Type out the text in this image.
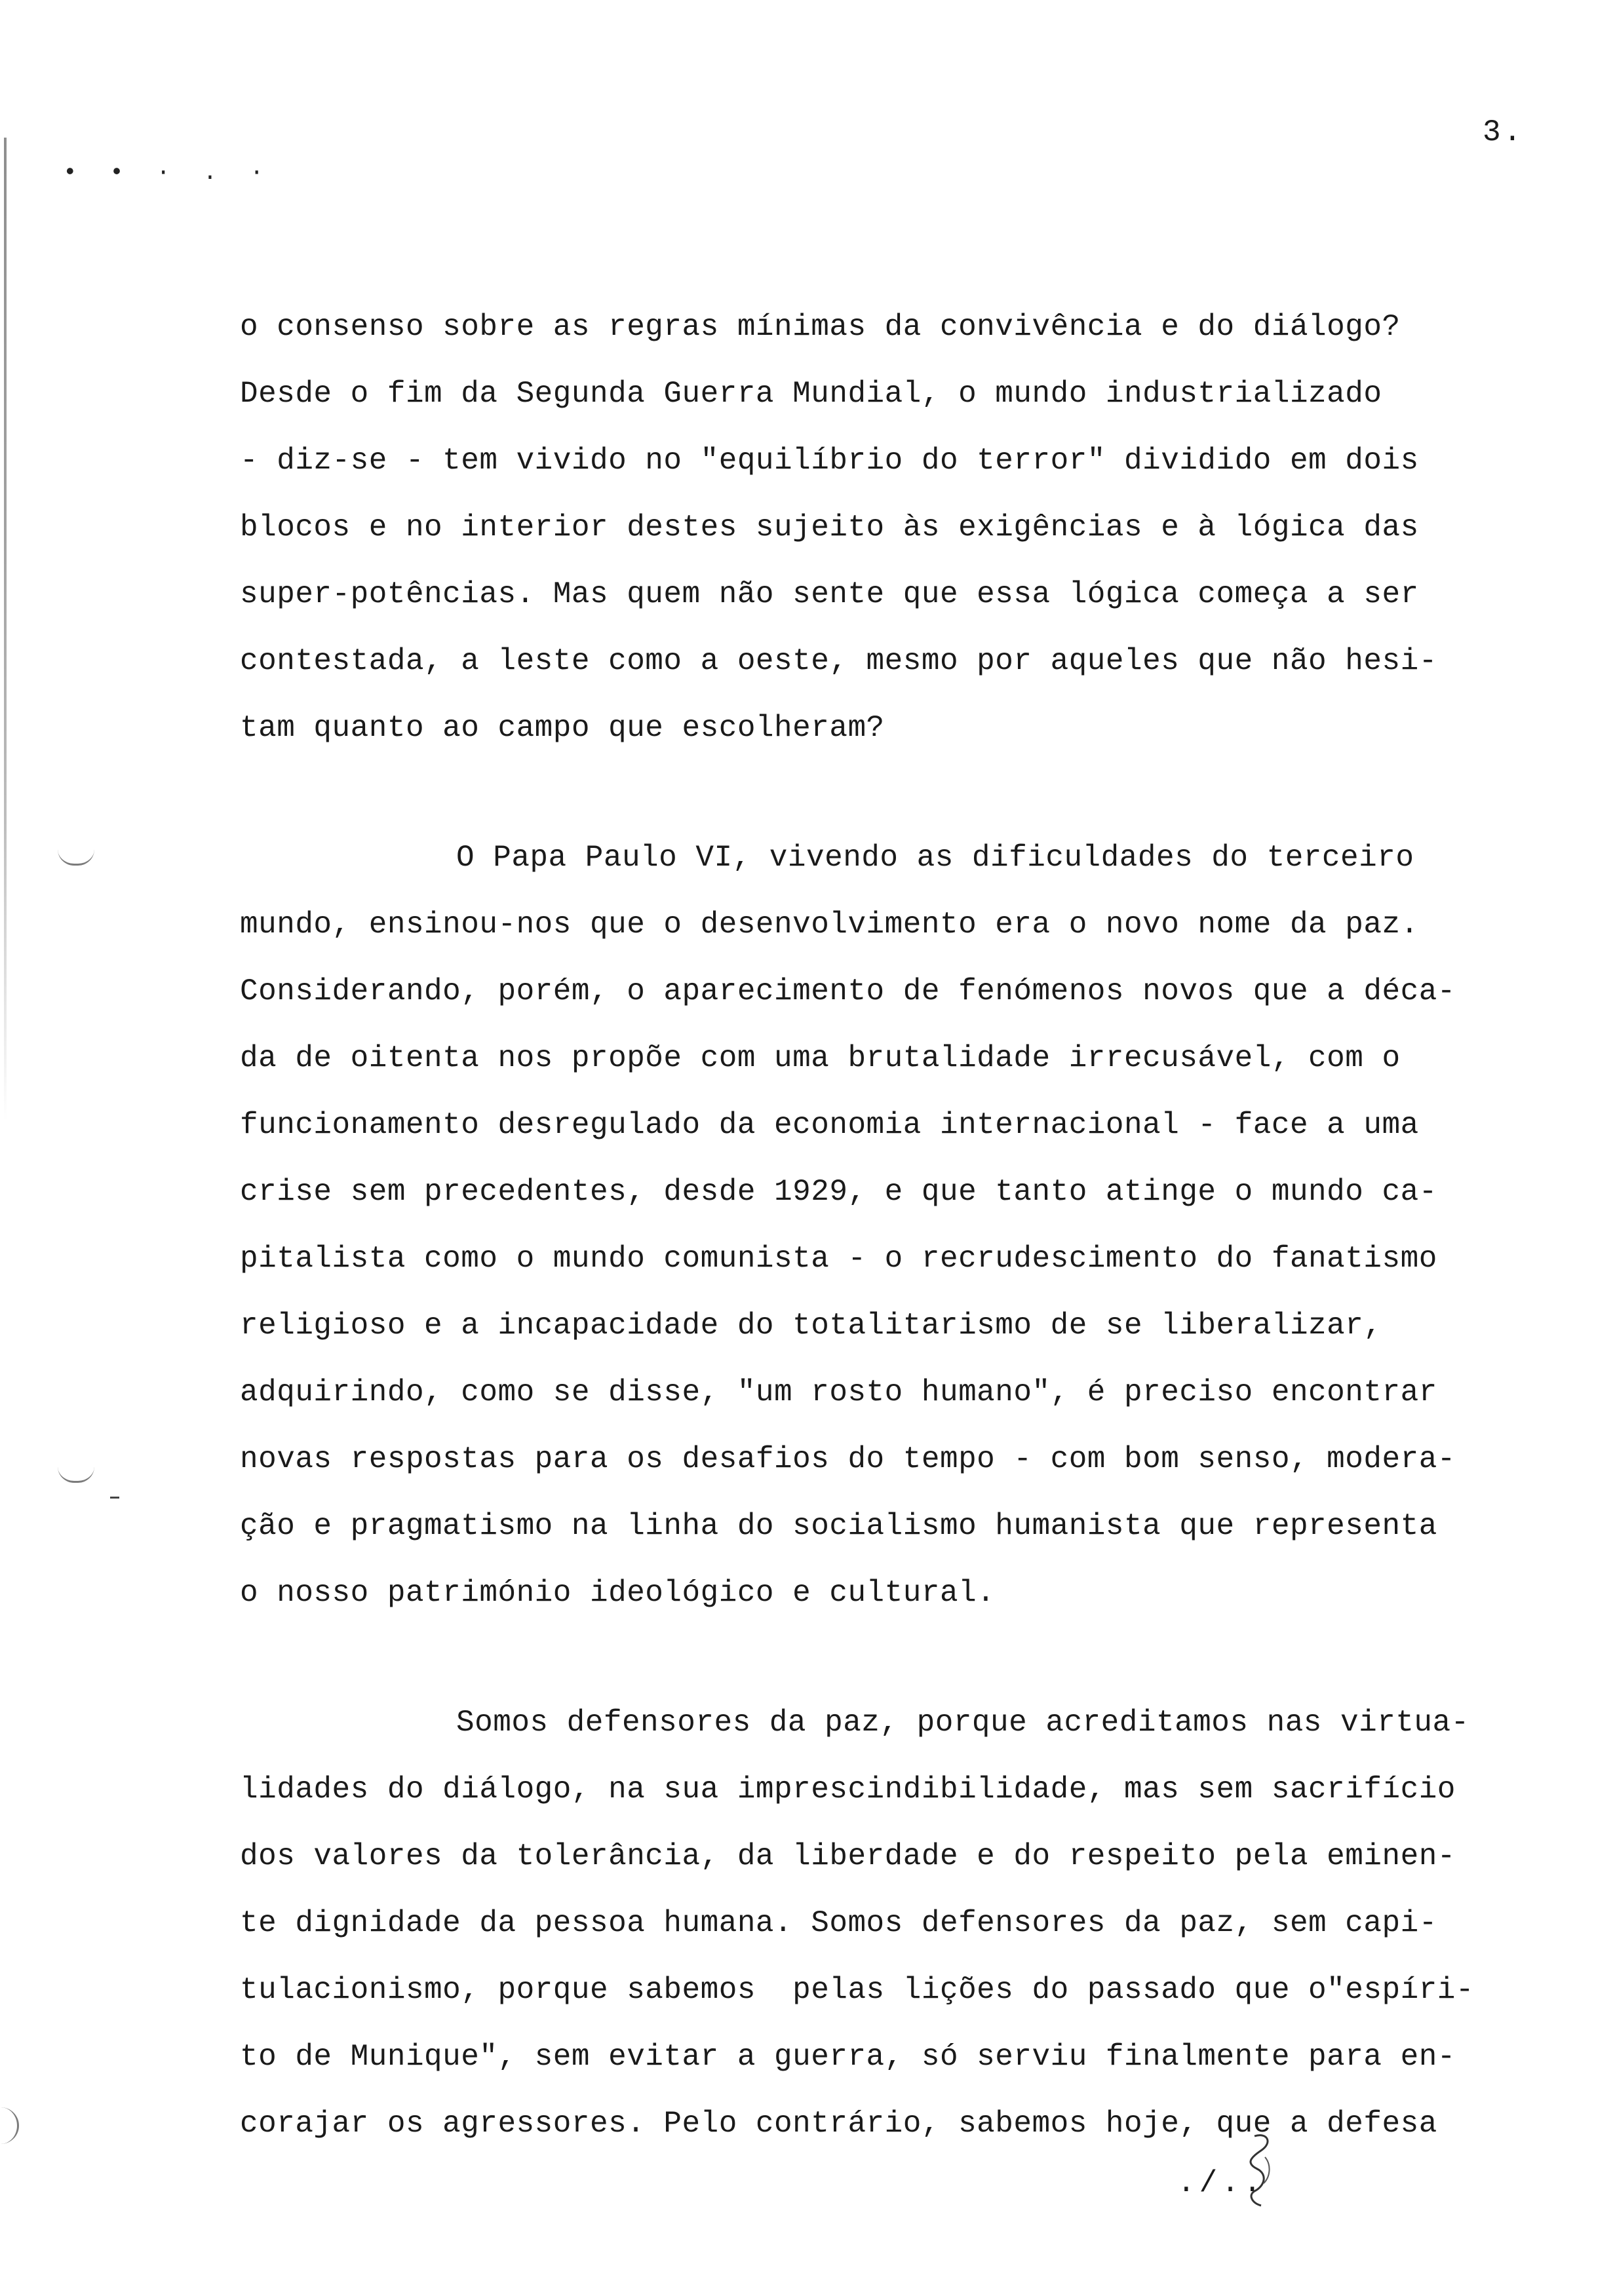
• • · . ·
3.
o consenso sobre as regras mínimas da convivência e do diálogo?
Desde o fim da Segunda Guerra Mundial, o mundo industrializado
- diz-se - tem vivido no "equilíbrio do terror" dividido em dois
blocos e no interior destes sujeito às exigências e à lógica das
super-potências. Mas quem não sente que essa lógica começa a ser
contestada, a leste como a oeste, mesmo por aqueles que não hesi-
tam quanto ao campo que escolheram?
O Papa Paulo VI, vivendo as dificuldades do terceiro
mundo, ensinou-nos que o desenvolvimento era o novo nome da paz.
Considerando, porém, o aparecimento de fenómenos novos que a déca-
da de oitenta nos propõe com uma brutalidade irrecusável, com o
funcionamento desregulado da economia internacional - face a uma
crise sem precedentes, desde 1929, e que tanto atinge o mundo ca-
pitalista como o mundo comunista - o recrudescimento do fanatismo
religioso e a incapacidade do totalitarismo de se liberalizar,
adquirindo, como se disse, "um rosto humano", é preciso encontrar
novas respostas para os desafios do tempo - com bom senso, modera-
ção e pragmatismo na linha do socialismo humanista que representa
o nosso património ideológico e cultural.
Somos defensores da paz, porque acreditamos nas virtua-
lidades do diálogo, na sua imprescindibilidade, mas sem sacrifício
dos valores da tolerância, da liberdade e do respeito pela eminen-
te dignidade da pessoa humana. Somos defensores da paz, sem capi-
tulacionismo, porque sabemos  pelas lições do passado que o"espíri-
to de Munique", sem evitar a guerra, só serviu finalmente para en-
corajar os agressores. Pelo contrário, sabemos hoje, que a defesa
./..
